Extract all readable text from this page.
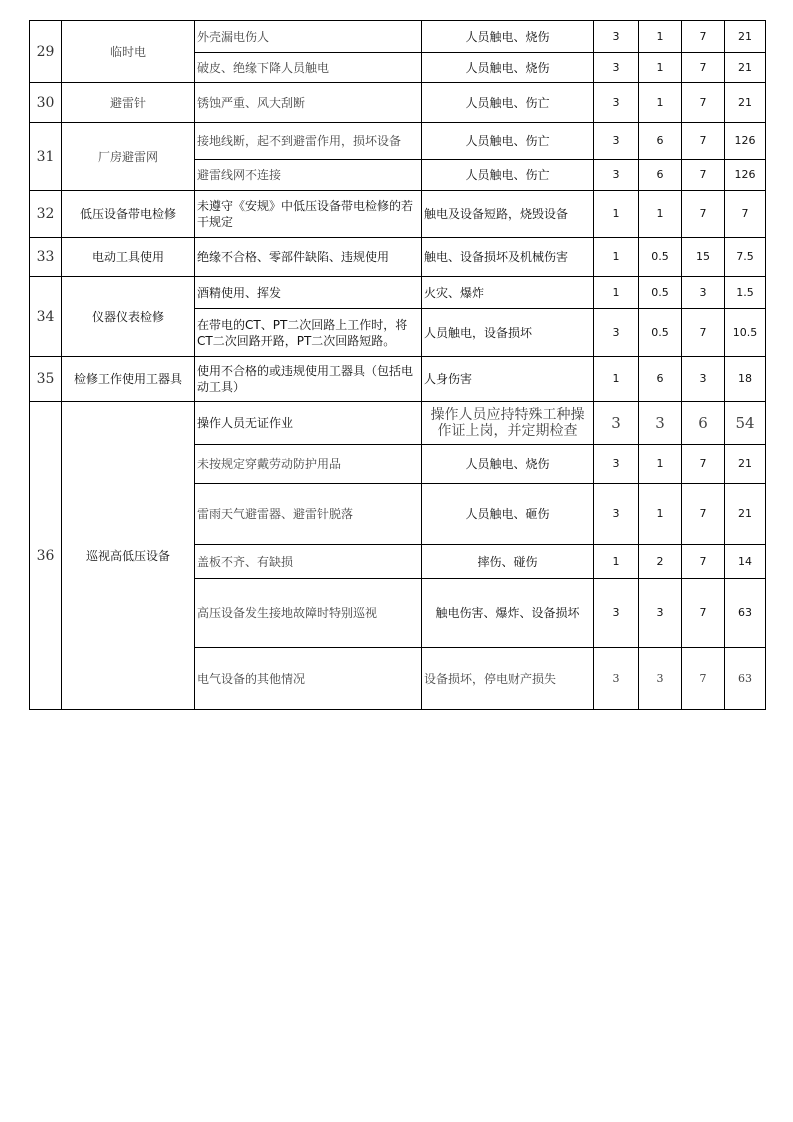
29	临时电	外壳漏电伤人	人员触电、烧伤	3	1	7	21
		破皮、绝缘下降人员触电	人员触电、烧伤	3	1	7	21
30	避雷针	锈蚀严重、风大刮断	人员触电、伤亡	3	1	7	21
31	厂房避雷网	接地线断，起不到避雷作用，损坏设备	人员触电、伤亡	3	6	7	126
		避雷线网不连接	人员触电、伤亡	3	6	7	126
32	低压设备带电检修	未遵守《安规》中低压设备带电检修的若干规定	触电及设备短路，烧毁设备	1	1	7	7
33	电动工具使用	绝缘不合格、零部件缺陷、违规使用	触电、设备损坏及机械伤害	1	0.5	15	7.5
34	仪器仪表检修	酒精使用、挥发	火灾、爆炸	1	0.5	3	1.5
		在带电的CT、PT二次回路上工作时，将CT二次回路开路，PT二次回路短路。	人员触电，设备损坏	3	0.5	7	10.5
35	检修工作使用工器具	使用不合格的或违规使用工器具（包括电动工具）	人身伤害	1	6	3	18
36	巡视高低压设备	操作人员无证作业	操作人员应持特殊工种操作证上岗，并定期检查	3	3	6	54
		未按规定穿戴劳动防护用品	人员触电、烧伤	3	1	7	21
		雷雨天气避雷器、避雷针脱落	人员触电、砸伤	3	1	7	21
		盖板不齐、有缺损	摔伤、碰伤	1	2	7	14
		高压设备发生接地故障时特别巡视	触电伤害、爆炸、设备损坏	3	3	7	63
		电气设备的其他情况	设备损坏，停电财产损失	3	3	7	63
